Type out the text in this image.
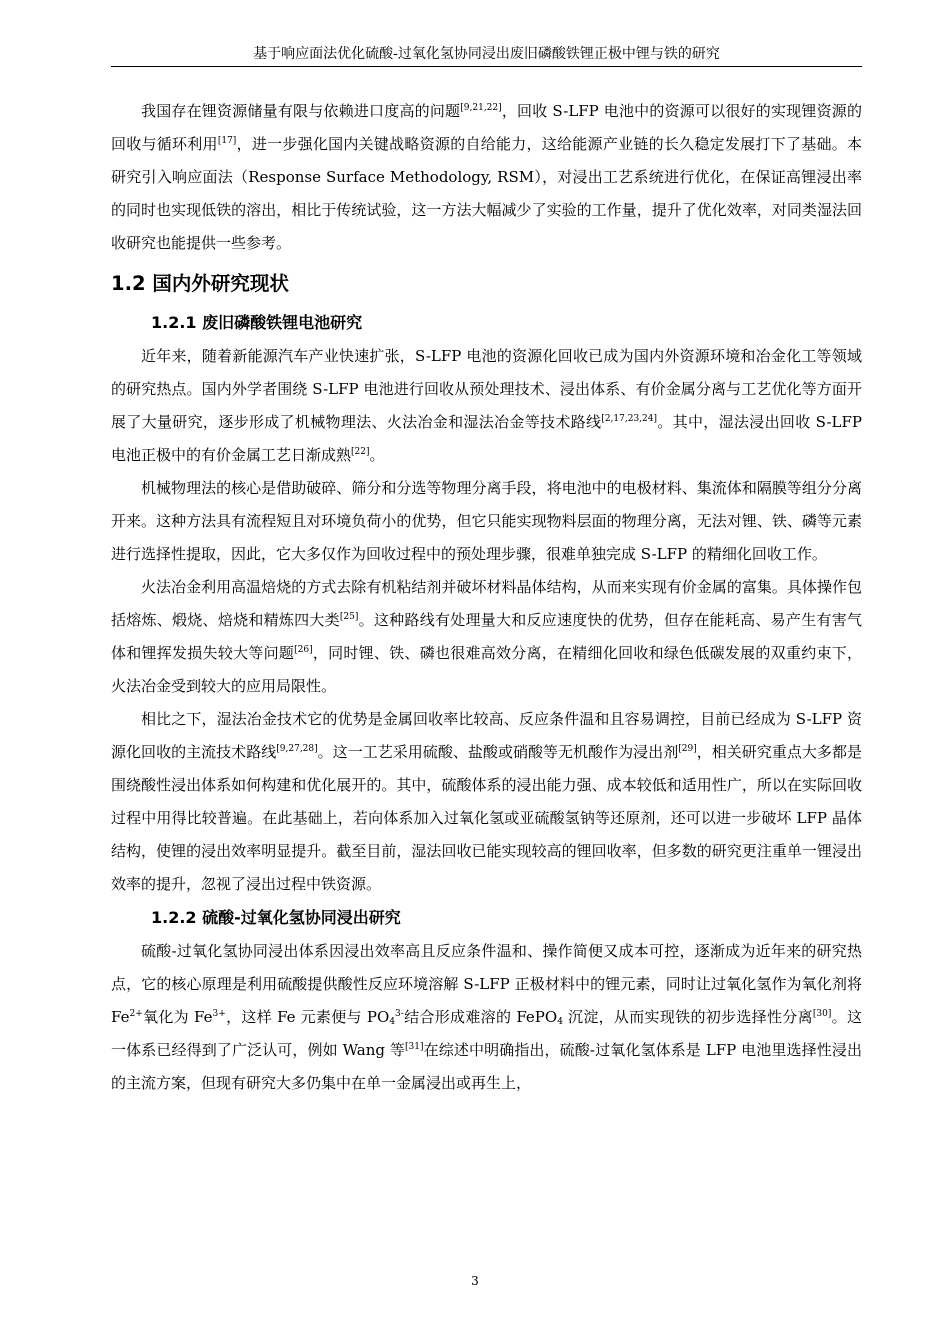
基于响应面法优化硫酸-过氧化氢协同浸出废旧磷酸铁锂正极中锂与铁的研究

我国存在锂资源储量有限与依赖进口度高的问题[9,21,22]，回收 S-LFP 电池中的资源可以很好的实现锂资源的回收与循环利用[17]，进一步强化国内关键战略资源的自给能力，这给能源产业链的长久稳定发展打下了基础。本研究引入响应面法（Response Surface Methodology, RSM），对浸出工艺系统进行优化，在保证高锂浸出率的同时也实现低铁的溶出，相比于传统试验，这一方法大幅减少了实验的工作量，提升了优化效率，对同类湿法回收研究也能提供一些参考。

1.2 国内外研究现状
1.2.1 废旧磷酸铁锂电池研究

近年来，随着新能源汽车产业快速扩张，S-LFP 电池的资源化回收已成为国内外资源环境和冶金化工等领域的研究热点。国内外学者围绕 S-LFP 电池进行回收从预处理技术、浸出体系、有价金属分离与工艺优化等方面开展了大量研究，逐步形成了机械物理法、火法冶金和湿法冶金等技术路线[2,17,23,24]。其中，湿法浸出回收 S-LFP 电池正极中的有价金属工艺日渐成熟[22]。

机械物理法的核心是借助破碎、筛分和分选等物理分离手段，将电池中的电极材料、集流体和隔膜等组分分离开来。这种方法具有流程短且对环境负荷小的优势，但它只能实现物料层面的物理分离，无法对锂、铁、磷等元素进行选择性提取，因此，它大多仅作为回收过程中的预处理步骤，很难单独完成 S-LFP 的精细化回收工作。

火法冶金利用高温焙烧的方式去除有机粘结剂并破坏材料晶体结构，从而来实现有价金属的富集。具体操作包括熔炼、煅烧、焙烧和精炼四大类[25]。这种路线有处理量大和反应速度快的优势，但存在能耗高、易产生有害气体和锂挥发损失较大等问题[26]，同时锂、铁、磷也很难高效分离，在精细化回收和绿色低碳发展的双重约束下，火法冶金受到较大的应用局限性。

相比之下，湿法冶金技术它的优势是金属回收率比较高、反应条件温和且容易调控，目前已经成为 S-LFP 资源化回收的主流技术路线[9,27,28]。这一工艺采用硫酸、盐酸或硝酸等无机酸作为浸出剂[29]，相关研究重点大多都是围绕酸性浸出体系如何构建和优化展开的。其中，硫酸体系的浸出能力强、成本较低和适用性广，所以在实际回收过程中用得比较普遍。在此基础上，若向体系加入过氧化氢或亚硫酸氢钠等还原剂，还可以进一步破坏 LFP 晶体结构，使锂的浸出效率明显提升。截至目前，湿法回收已能实现较高的锂回收率，但多数的研究更注重单一锂浸出效率的提升，忽视了浸出过程中铁资源。

1.2.2 硫酸-过氧化氢协同浸出研究

硫酸-过氧化氢协同浸出体系因浸出效率高且反应条件温和、操作简便又成本可控，逐渐成为近年来的研究热点，它的核心原理是利用硫酸提供酸性反应环境溶解 S-LFP 正极材料中的锂元素，同时让过氧化氢作为氧化剂将 $Fe^{2+}$氧化为 $Fe^{3+}$，这样 Fe 元素便与 $PO_4^{3-}$结合形成难溶的 FePO$_4$ 沉淀，从而实现铁的初步选择性分离[30]。这一体系已经得到了广泛认可，例如 Wang 等[31]在综述中明确指出，硫酸-过氧化氢体系是 LFP 电池里选择性浸出的主流方案，但现有研究大多仍集中在单一金属浸出或再生上，

3
